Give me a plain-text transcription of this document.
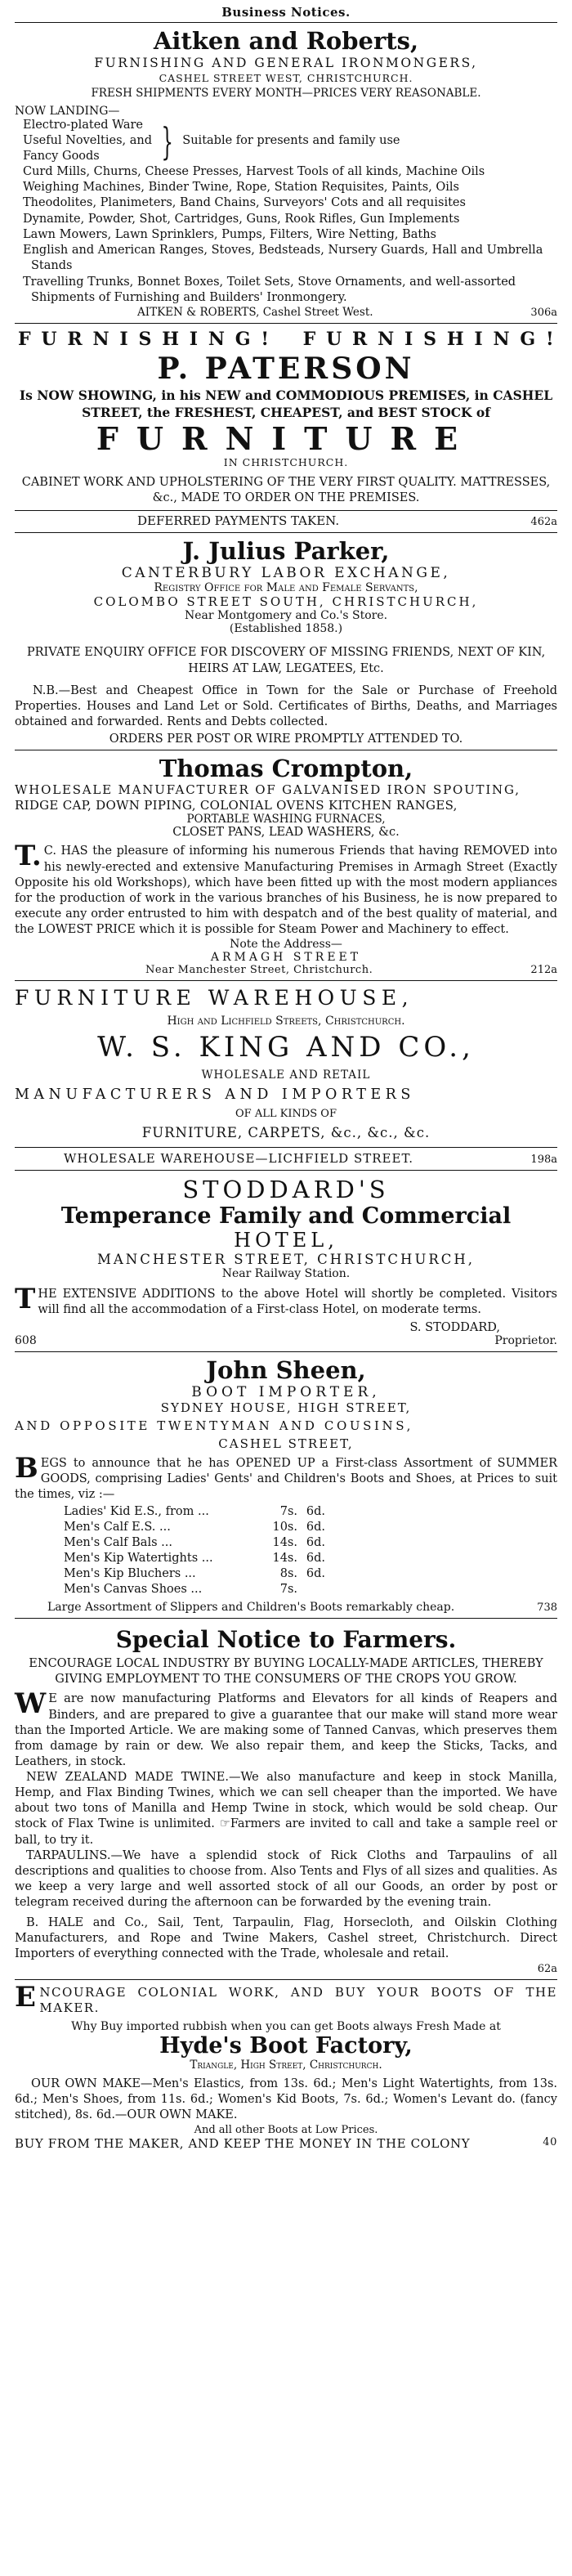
Business Notices.
Aitken and Roberts,
FURNISHING AND GENERAL IRONMONGERS,
CASHEL STREET WEST, CHRISTCHURCH.
FRESH SHIPMENTS EVERY MONTH—PRICES VERY REASONABLE.
NOW LANDING—
Electro-plated Ware
Useful Novelties, and
Fancy Goods	} Suitable for presents and family use
Curd Mills, Churns, Cheese Presses, Harvest Tools of all kinds, Machine Oils
Weighing Machines, Binder Twine, Rope, Station Requisites, Paints, Oils
Theodolites, Planimeters, Band Chains, Surveyors' Cots and all requisites
Dynamite, Powder, Shot, Cartridges, Guns, Rook Rifles, Gun Implements
Lawn Mowers, Lawn Sprinklers, Pumps, Filters, Wire Netting, Baths
English and American Ranges, Stoves, Bedsteads, Nursery Guards, Hall and Umbrella Stands
Travelling Trunks, Bonnet Boxes, Toilet Sets, Stove Ornaments, and well-assorted Shipments of Furnishing and Builders' Ironmongery.
AITKEN & ROBERTS, Cashel Street West.	306a
F U R N I S H I N G ! F U R N I S H I N G !
P. PATERSON
Is NOW SHOWING, in his NEW and COMMODIOUS PREMISES, in CASHEL STREET, the FRESHEST, CHEAPEST, and BEST STOCK of
FURNITURE
IN CHRISTCHURCH.
CABINET WORK AND UPHOLSTERING OF THE VERY FIRST QUALITY. MATTRESSES, &c., MADE TO ORDER ON THE PREMISES.
DEFERRED PAYMENTS TAKEN.	462a
J. Julius Parker,
CANTERBURY LABOR EXCHANGE,
Registry Office for Male and Female Servants,
COLOMBO STREET SOUTH, CHRISTCHURCH,
Near Montgomery and Co.'s Store.
(Established 1858.)
PRIVATE ENQUIRY OFFICE FOR DISCOVERY OF MISSING FRIENDS, NEXT OF KIN, HEIRS AT LAW, LEGATEES, Etc.
N.B.—Best and Cheapest Office in Town for the Sale or Purchase of Freehold Properties. Houses and Land Let or Sold. Certificates of Births, Deaths, and Marriages obtained and forwarded. Rents and Debts collected.
ORDERS PER POST OR WIRE PROMPTLY ATTENDED TO.
Thomas Crompton,
WHOLESALE MANUFACTURER OF GALVANISED IRON SPOUTING,
RIDGE CAP, DOWN PIPING, COLONIAL OVENS KITCHEN RANGES,
PORTABLE WASHING FURNACES,
CLOSET PANS, LEAD WASHERS, &c.
T.C. HAS the pleasure of informing his numerous Friends that having REMOVED into his newly-erected and extensive Manufacturing Premises in Armagh Street (Exactly Opposite his old Workshops), which have been fitted up with the most modern appliances for the production of work in the various branches of his Business, he is now prepared to execute any order entrusted to him with despatch and of the best quality of material, and the LOWEST PRICE which it is possible for Steam Power and Machinery to effect.
Note the Address—
ARMAGH STREET
Near Manchester Street, Christchurch.	212a
FURNITURE WAREHOUSE,
High and Lichfield Streets, Christchurch.
W. S. KING AND CO.,
WHOLESALE AND RETAIL
MANUFACTURERS AND IMPORTERS
OF ALL KINDS OF
FURNITURE, CARPETS, &c., &c., &c.
WHOLESALE WAREHOUSE—LICHFIELD STREET.	198a
STODDARD'S
Temperance Family and Commercial
HOTEL,
MANCHESTER STREET, CHRISTCHURCH,
Near Railway Station.
THE EXTENSIVE ADDITIONS to the above Hotel will shortly be completed. Visitors will find all the accommodation of a First-class Hotel, on moderate terms.
S. STODDARD,
608	Proprietor.
John Sheen,
BOOT IMPORTER,
SYDNEY HOUSE, HIGH STREET,
AND OPPOSITE TWENTYMAN AND COUSINS,
CASHEL STREET,
BEGS to announce that he has OPENED UP a First-class Assortment of SUMMER GOODS, comprising Ladies' Gents' and Children's Boots and Shoes, at Prices to suit the times, viz :—
Ladies' Kid E.S., from ...	7s. 6d.
Men's Calf E.S. ...	10s. 6d.
Men's Calf Bals ...	14s. 6d.
Men's Kip Watertights ...	14s. 6d.
Men's Kip Bluchers ...	8s. 6d.
Men's Canvas Shoes ...	7s.
Large Assortment of Slippers and Children's Boots remarkably cheap.	738
Special Notice to Farmers.
ENCOURAGE LOCAL INDUSTRY BY BUYING LOCALLY-MADE ARTICLES, THEREBY GIVING EMPLOYMENT TO THE CONSUMERS OF THE CROPS YOU GROW.
WE are now manufacturing Platforms and Elevators for all kinds of Reapers and Binders, and are prepared to give a guarantee that our make will stand more wear than the Imported Article. We are making some of Tanned Canvas, which preserves them from damage by rain or dew. We also repair them, and keep the Sticks, Tacks, and Leathers, in stock.
NEW ZEALAND MADE TWINE.—We also manufacture and keep in stock Manilla, Hemp, and Flax Binding Twines, which we can sell cheaper than the imported. We have about two tons of Manilla and Hemp Twine in stock, which would be sold cheap. Our stock of Flax Twine is unlimited. ☞Farmers are invited to call and take a sample reel or ball, to try it.
TARPAULINS.—We have a splendid stock of Rick Cloths and Tarpaulins of all descriptions and qualities to choose from. Also Tents and Flys of all sizes and qualities. As we keep a very large and well assorted stock of all our Goods, an order by post or telegram received during the afternoon can be forwarded by the evening train.
B. HALE and Co., Sail, Tent, Tarpaulin, Flag, Horsecloth, and Oilskin Clothing Manufacturers, and Rope and Twine Makers, Cashel street, Christchurch. Direct Importers of everything connected with the Trade, wholesale and retail.
62a
ENCOURAGE COLONIAL WORK, AND BUY YOUR BOOTS OF THE MAKER.
Why Buy imported rubbish when you can get Boots always Fresh Made at
Hyde's Boot Factory,
Triangle, High Street, Christchurch.
OUR OWN MAKE—Men's Elastics, from 13s. 6d.; Men's Light Watertights, from 13s. 6d.; Men's Shoes, from 11s. 6d.; Women's Kid Boots, 7s. 6d.; Women's Levant do. (fancy stitched), 8s. 6d.—OUR OWN MAKE.
And all other Boots at Low Prices.
BUY FROM THE MAKER, AND KEEP THE MONEY IN THE COLONY	40
